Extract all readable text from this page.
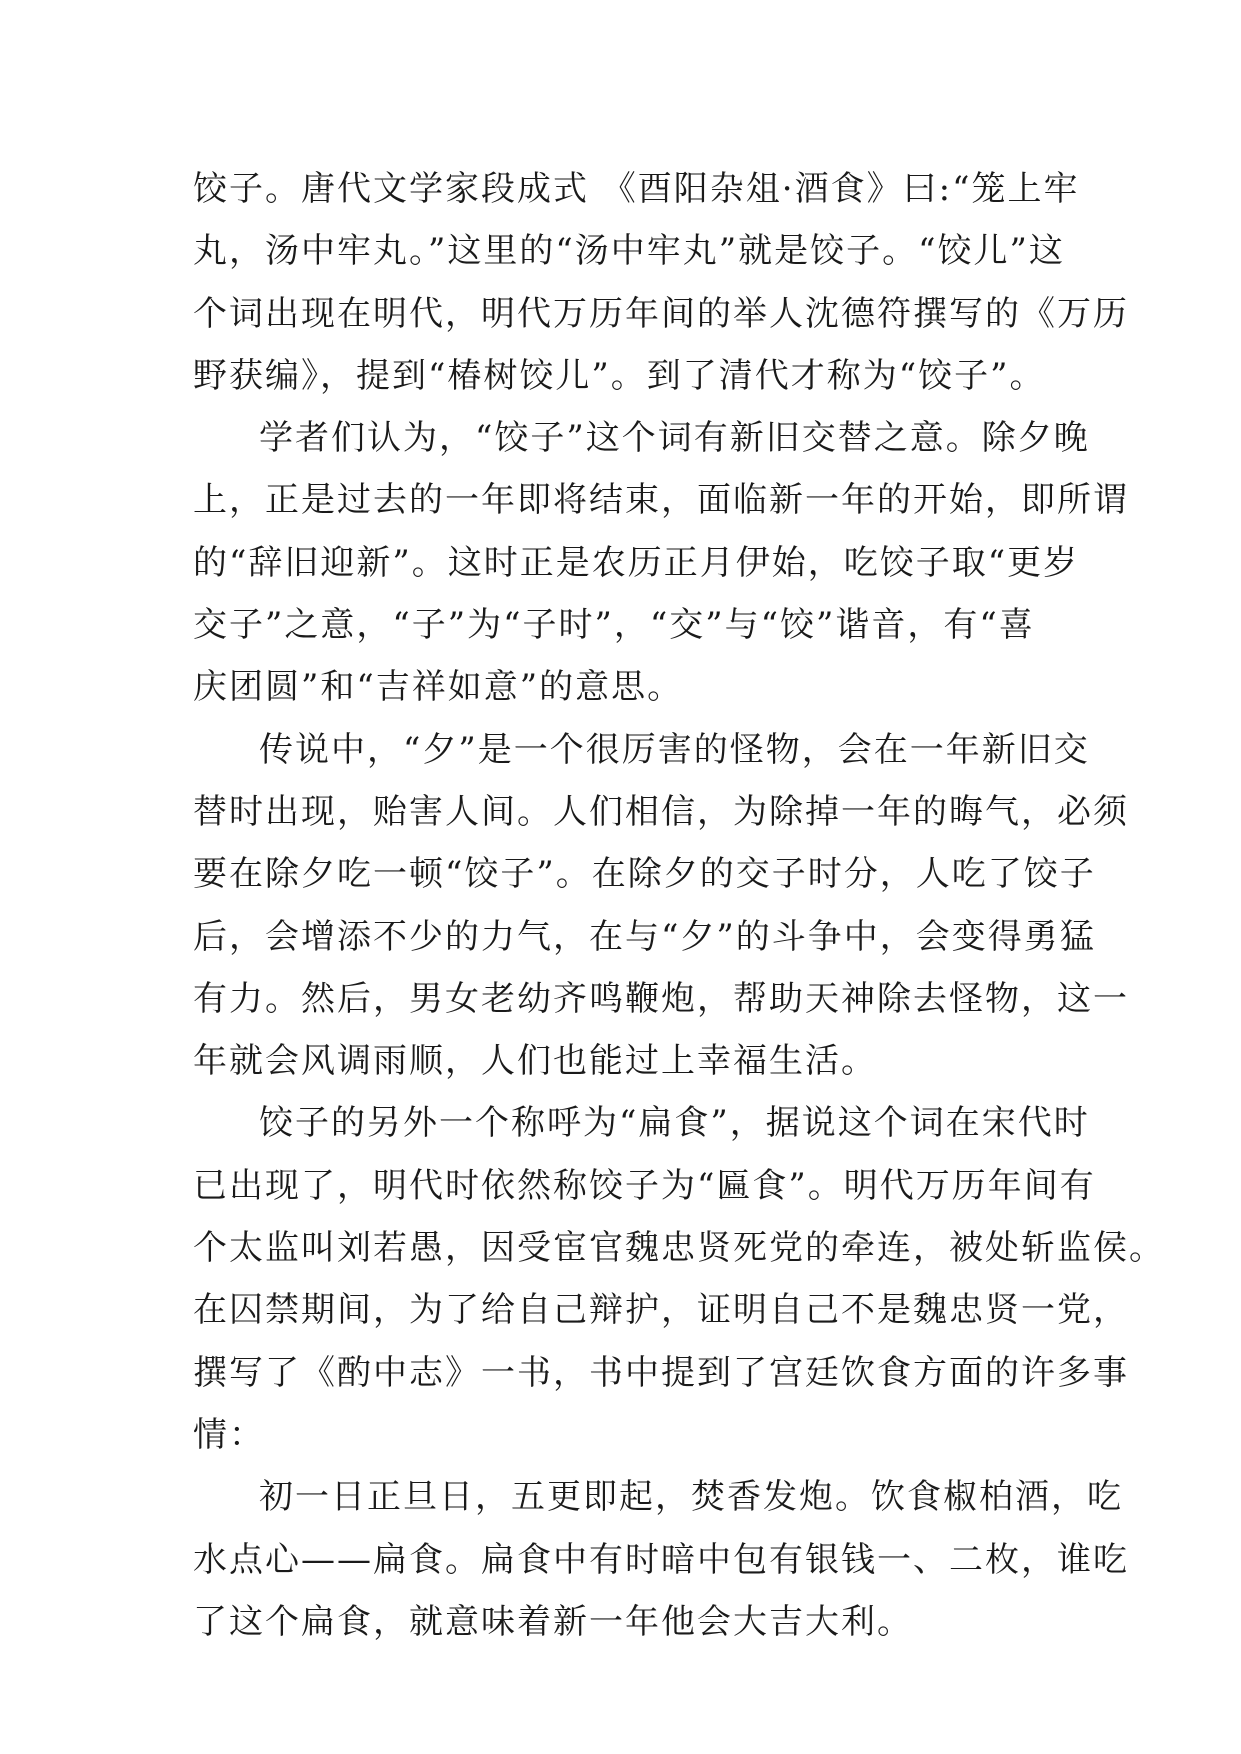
饺子。唐代文学家段成式 《酉阳杂俎·酒食》曰:“笼上牢
丸，汤中牢丸。”这里的“汤中牢丸”就是饺子。“饺儿”这
个词出现在明代，明代万历年间的举人沈德符撰写的《万历
野获编》，提到“椿树饺儿”。到了清代才称为“饺子”。
学者们认为，“饺子”这个词有新旧交替之意。除夕晚
上，正是过去的一年即将结束，面临新一年的开始，即所谓
的“辞旧迎新”。这时正是农历正月伊始，吃饺子取“更岁
交子”之意，“子”为“子时”，“交”与“饺”谐音，有“喜
庆团圆”和“吉祥如意”的意思。
传说中，“夕”是一个很厉害的怪物，会在一年新旧交
替时出现，贻害人间。人们相信，为除掉一年的晦气，必须
要在除夕吃一顿“饺子”。在除夕的交子时分，人吃了饺子
后，会增添不少的力气，在与“夕”的斗争中，会变得勇猛
有力。然后，男女老幼齐鸣鞭炮，帮助天神除去怪物，这一
年就会风调雨顺，人们也能过上幸福生活。
饺子的另外一个称呼为“扁食”，据说这个词在宋代时
已出现了，明代时依然称饺子为“匾食”。明代万历年间有
个太监叫刘若愚，因受宦官魏忠贤死党的牵连，被处斩监侯。
在囚禁期间，为了给自己辩护，证明自己不是魏忠贤一党，
撰写了《酌中志》一书，书中提到了宫廷饮食方面的许多事
情：
初一日正旦日，五更即起，焚香发炮。饮食椒柏酒，吃
水点心——扁食。扁食中有时暗中包有银钱一、二枚，谁吃
了这个扁食，就意味着新一年他会大吉大利。
